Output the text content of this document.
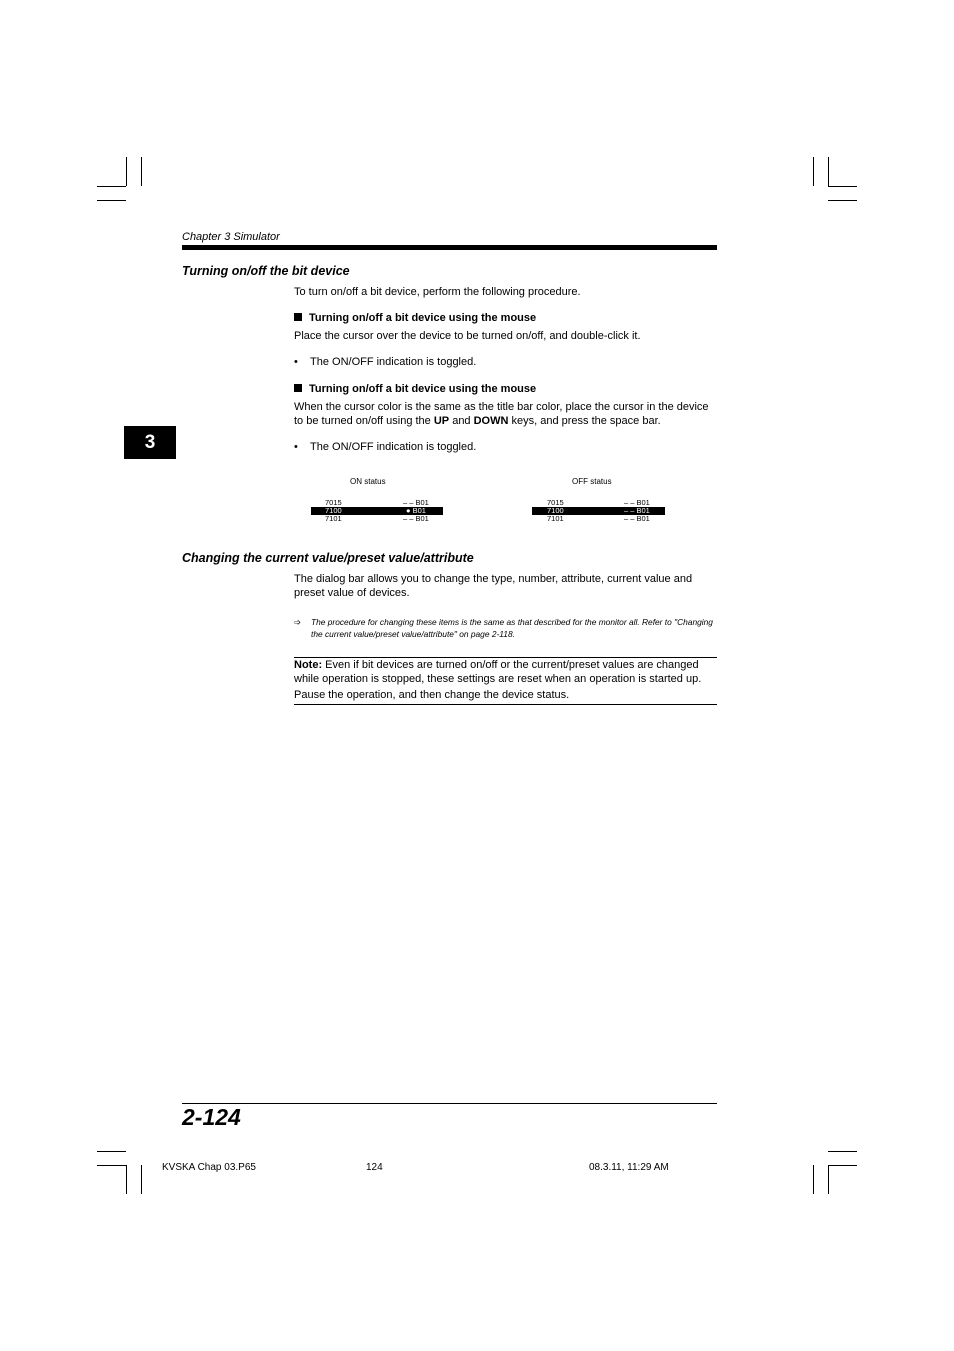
Chapter 3 Simulator
3
Turning on/off the bit device
To turn on/off a bit device, perform the following procedure.
Turning on/off a bit device using the mouse
Place the cursor over the device to be turned on/off, and double-click it.
• The ON/OFF indication is toggled.
Turning on/off a bit device using the mouse
When the cursor color is the same as the title bar color, place the cursor in the device to be turned on/off using the UP and DOWN keys, and press the space bar.
• The ON/OFF indication is toggled.
ON status
7015	– – B01
7100	● B01
7101	– – B01
OFF status
7015	– – B01
7100	– – B01
7101	– – B01
Changing the current value/preset value/attribute
The dialog bar allows you to change the type, number, attribute, current value and preset value of devices.
➩ The procedure for changing these items is the same as that described for the monitor all. Refer to "Changing the current value/preset value/attribute" on page 2-118.
Note: Even if bit devices are turned on/off or the current/preset values are changed while operation is stopped, these settings are reset when an operation is started up.
Pause the operation, and then change the device status.
2-124
KVSKA Chap 03.P65	124	08.3.11, 11:29 AM
